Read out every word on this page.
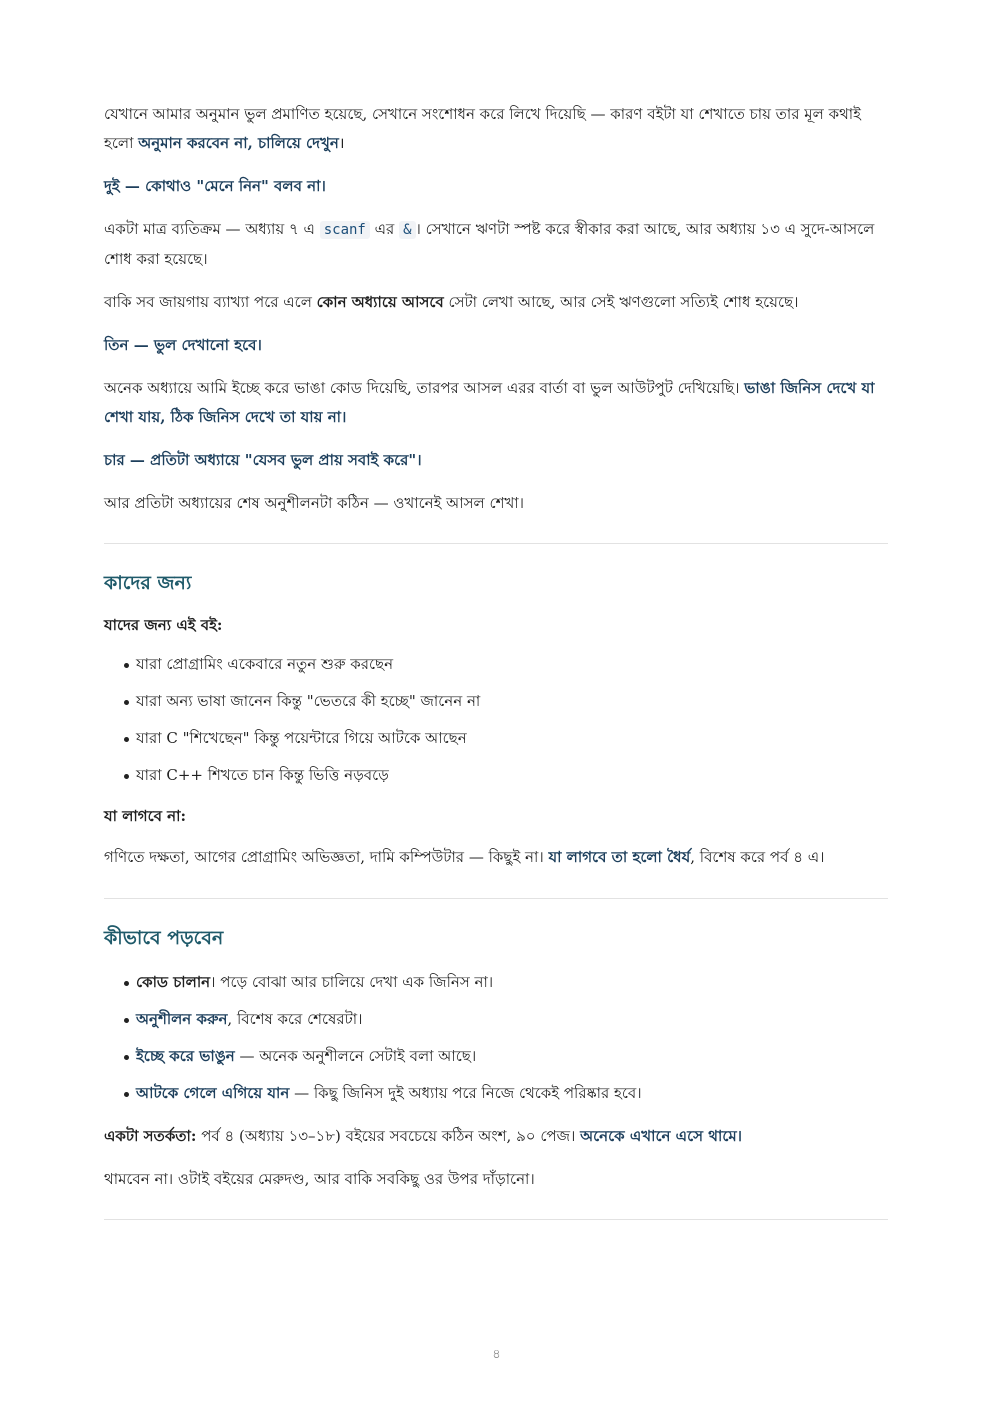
যেখানে আমার অনুমান ভুল প্রমাণিত হয়েছে, সেখানে সংশোধন করে লিখে দিয়েছি — কারণ বইটা যা শেখাতে চায় তার মূল কথাই হলো অনুমান করবেন না, চালিয়ে দেখুন।

দুই — কোথাও "মেনে নিন" বলব না।

একটা মাত্র ব্যতিক্রম — অধ্যায় ৭ এ scanf এর & । সেখানে ঋণটা স্পষ্ট করে স্বীকার করা আছে, আর অধ্যায় ১৩ এ সুদে-আসলে শোধ করা হয়েছে।

বাকি সব জায়গায় ব্যাখ্যা পরে এলে কোন অধ্যায়ে আসবে সেটা লেখা আছে, আর সেই ঋণগুলো সত্যিই শোধ হয়েছে।

তিন — ভুল দেখানো হবে।

অনেক অধ্যায়ে আমি ইচ্ছে করে ভাঙা কোড দিয়েছি, তারপর আসল এরর বার্তা বা ভুল আউটপুট দেখিয়েছি। ভাঙা জিনিস দেখে যা শেখা যায়, ঠিক জিনিস দেখে তা যায় না।

চার — প্রতিটা অধ্যায়ে "যেসব ভুল প্রায় সবাই করে"।

আর প্রতিটা অধ্যায়ের শেষ অনুশীলনটা কঠিন — ওখানেই আসল শেখা।

কাদের জন্য

যাদের জন্য এই বই:

যারা প্রোগ্রামিং একেবারে নতুন শুরু করছেন
যারা অন্য ভাষা জানেন কিন্তু "ভেতরে কী হচ্ছে" জানেন না
যারা C "শিখেছেন" কিন্তু পয়েন্টারে গিয়ে আটকে আছেন
যারা C++ শিখতে চান কিন্তু ভিত্তি নড়বড়ে

যা লাগবে না:

গণিতে দক্ষতা, আগের প্রোগ্রামিং অভিজ্ঞতা, দামি কম্পিউটার — কিছুই না। যা লাগবে তা হলো ধৈর্য, বিশেষ করে পর্ব ৪ এ।

কীভাবে পড়বেন
কোড চালান। পড়ে বোঝা আর চালিয়ে দেখা এক জিনিস না।
অনুশীলন করুন, বিশেষ করে শেষেরটা।
ইচ্ছে করে ভাঙুন — অনেক অনুশীলনে সেটাই বলা আছে।
আটকে গেলে এগিয়ে যান — কিছু জিনিস দুই অধ্যায় পরে নিজে থেকেই পরিষ্কার হবে।

একটা সতর্কতা: পর্ব ৪ (অধ্যায় ১৩–১৮) বইয়ের সবচেয়ে কঠিন অংশ, ৯০ পেজ। অনেকে এখানে এসে থামে।

থামবেন না। ওটাই বইয়ের মেরুদণ্ড, আর বাকি সবকিছু ওর উপর দাঁড়ানো।

৪
